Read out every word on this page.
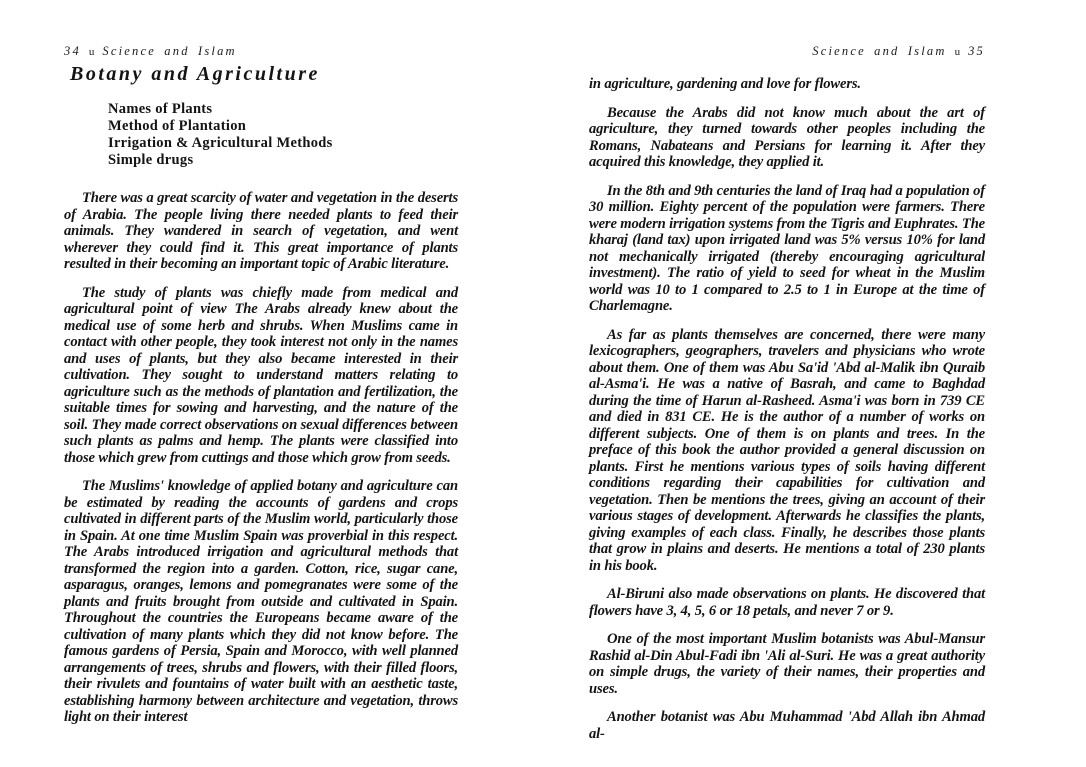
34 u Science and Islam
Botany and Agriculture
Names of Plants
Method of Plantation
Irrigation & Agricultural Methods
Simple drugs

There was a great scarcity of water and vegetation in the deserts of Arabia. The people living there needed plants to feed their animals. They wandered in search of vegetation, and went wherever they could find it. This great importance of plants resulted in their becoming an important topic of Arabic literature.

The study of plants was chiefly made from medical and agricultural point of view The Arabs already knew about the medical use of some herb and shrubs. When Muslims came in contact with other people, they took interest not only in the names and uses of plants, but they also became interested in their cultivation. They sought to understand matters relating to agriculture such as the methods of plantation and fertilization, the suitable times for sowing and harvesting, and the nature of the soil. They made correct observations on sexual differences between such plants as palms and hemp. The plants were classified into those which grew from cuttings and those which grow from seeds.

The Muslims' knowledge of applied botany and agriculture can be estimated by reading the accounts of gardens and crops cultivated in different parts of the Muslim world, particularly those in Spain. At one time Muslim Spain was proverbial in this respect. The Arabs introduced irrigation and agricultural methods that transformed the region into a garden. Cotton, rice, sugar cane, asparagus, oranges, lemons and pomegranates were some of the plants and fruits brought from outside and cultivated in Spain. Throughout the countries the Europeans became aware of the cultivation of many plants which they did not know before. The famous gardens of Persia, Spain and Morocco, with well planned arrangements of trees, shrubs and flowers, with their filled floors, their rivulets and fountains of water built with an aesthetic taste, establishing harmony between architecture and vegetation, throws light on their interest

Science and Islam u 35

in agriculture, gardening and love for flowers.

Because the Arabs did not know much about the art of agriculture, they turned towards other peoples including the Romans, Nabateans and Persians for learning it. After they acquired this knowledge, they applied it.

In the 8th and 9th centuries the land of Iraq had a population of 30 million. Eighty percent of the population were farmers. There were modern irrigation systems from the Tigris and Euphrates. The kharaj (land tax) upon irrigated land was 5% versus 10% for land not mechanically irrigated (thereby encouraging agricultural investment). The ratio of yield to seed for wheat in the Muslim world was 10 to 1 compared to 2.5 to 1 in Europe at the time of Charlemagne.

As far as plants themselves are concerned, there were many lexicographers, geographers, travelers and physicians who wrote about them. One of them was Abu Sa'id 'Abd al-Malik ibn Quraib al-Asma'i. He was a native of Basrah, and came to Baghdad during the time of Harun al-Rasheed. Asma'i was born in 739 CE and died in 831 CE. He is the author of a number of works on different subjects. One of them is on plants and trees. In the preface of this book the author provided a general discussion on plants. First he mentions various types of soils having different conditions regarding their capabilities for cultivation and vegetation. Then be mentions the trees, giving an account of their various stages of development. Afterwards he classifies the plants, giving examples of each class. Finally, he describes those plants that grow in plains and deserts. He mentions a total of 230 plants in his book.

Al-Biruni also made observations on plants. He discovered that flowers have 3, 4, 5, 6 or 18 petals, and never 7 or 9.

One of the most important Muslim botanists was Abul-Mansur Rashid al-Din Abul-Fadi ibn 'Ali al-Suri. He was a great authority on simple drugs, the variety of their names, their properties and uses.

Another botanist was Abu Muhammad 'Abd Allah ibn Ahmad al-
